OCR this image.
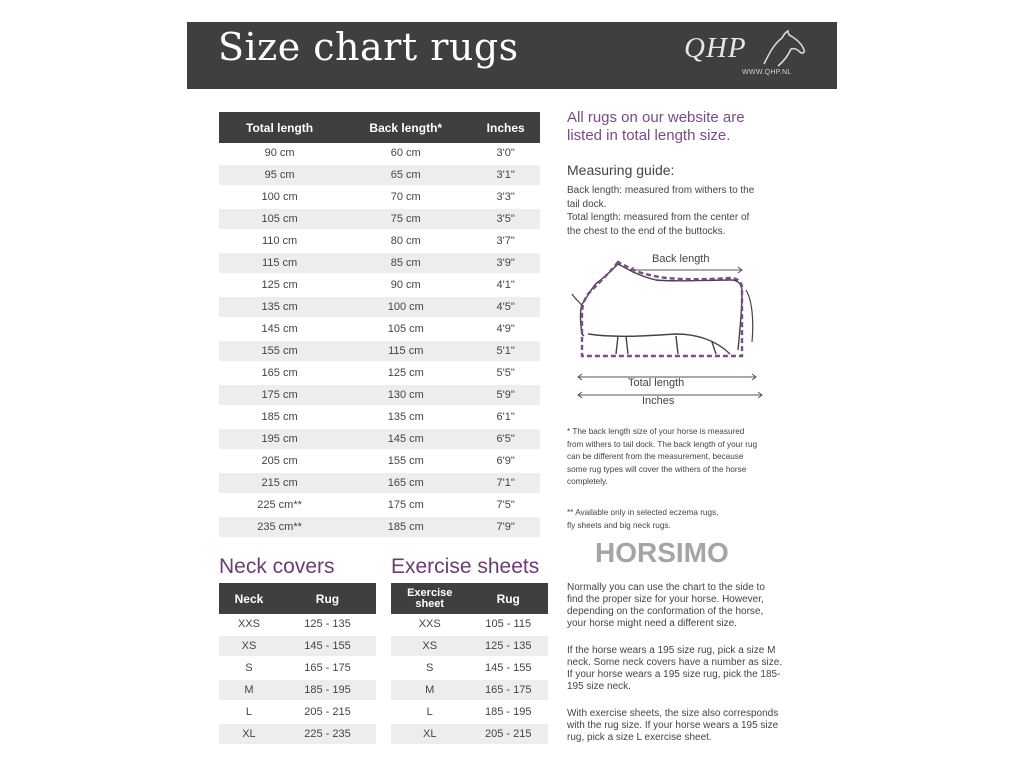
Size chart rugs	QHP
WWW.QHP.NL
Total length	Back length*	Inches
90 cm	60 cm	3'0"
95 cm	65 cm	3'1"
100 cm	70 cm	3'3"
105 cm	75 cm	3'5"
110 cm	80 cm	3'7"
115 cm	85 cm	3'9"
125 cm	90 cm	4'1"
135 cm	100 cm	4'5"
145 cm	105 cm	4'9"
155 cm	115 cm	5'1"
165 cm	125 cm	5'5"
175 cm	130 cm	5'9"
185 cm	135 cm	6'1"
195 cm	145 cm	6'5"
205 cm	155 cm	6'9"
215 cm	165 cm	7'1"
225 cm**	175 cm	7'5"
235 cm**	185 cm	7'9"
Neck covers
Neck	Rug
XXS	125 - 135
XS	145 - 155
S	165 - 175
M	185 - 195
L	205 - 215
XL	225 - 235
Exercise sheets
Exercise
sheet	Rug
XXS	105 - 115
XS	125 - 135
S	145 - 155
M	165 - 175
L	185 - 195
XL	205 - 215
All rugs on our website are
listed in total length size.
Measuring guide:
Back length: measured from withers to the
tail dock.
Total length: measured from the center of
the chest to the end of the buttocks.
Back length
Total length
Inches
* The back length size of your horse is measured
from withers to tail dock. The back length of your rug
can be different from the measurement, because
some rug types will cover the withers of the horse
completely.
** Available only in selected eczema rugs,
fly sheets and big neck rugs.
HORSIMO
Normally you can use the chart to the side to
find the proper size for your horse. However,
depending on the conformation of the horse,
your horse might need a different size.
If the horse wears a 195 size rug, pick a size M
neck. Some neck covers have a number as size.
If your horse wears a 195 size rug, pick the 185-
195 size neck.
With exercise sheets, the size also corresponds
with the rug size. If your horse wears a 195 size
rug, pick a size L exercise sheet.
